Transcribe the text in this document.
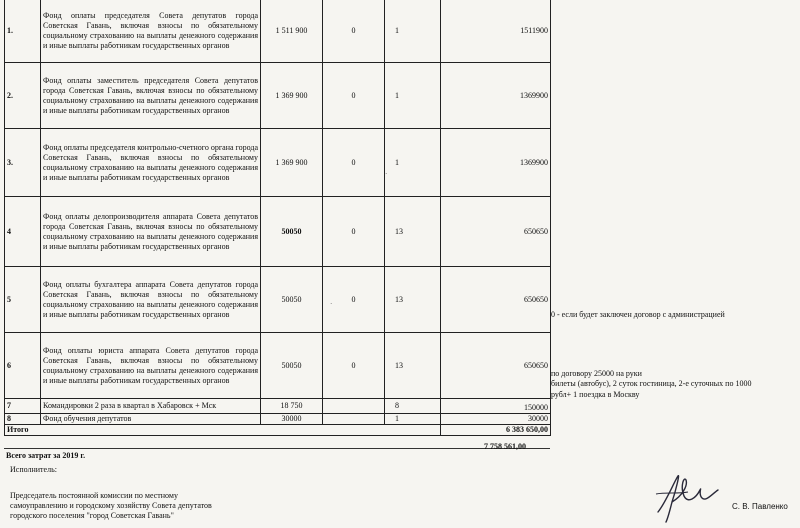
1.	Фонд оплаты председателя Совета депутатов города Советская Гавань, включая взносы по обязательному социальному страхованию на выплаты денежного содержания и иные выплаты работникам государственных органов	1 511 900	0	1	1511900
2.	Фонд оплаты заместитель председателя Совета депутатов города Советская Гавань, включая взносы по обязательному социальному страхованию на выплаты денежного содержания и иные выплаты работникам государственных органов	1 369 900	0	1	1369900
3.	Фонд оплаты председателя контрольно-счетного органа города Советская Гавань, включая взносы по обязательному социальному страхованию на выплаты денежного содержания и иные выплаты работникам государственных органов	1 369 900	0	1	1369900
4	Фонд оплаты делопроизводителя аппарата Совета депутатов города Советская Гавань, включая взносы по обязательному социальному страхованию на выплаты денежного содержания и иные выплаты работникам государственных органов	50050	0	13	650650
5	Фонд оплаты бухгалтера аппарата Совета депутатов города Советская Гавань, включая взносы по обязательному социальному страхованию на выплаты денежного содержания и иные выплаты работникам государственных органов	50050	0	13	650650
6	Фонд оплаты юриста аппарата Совета депутатов города Советская Гавань, включая взносы по обязательному социальному страхованию на выплаты денежного содержания и иные выплаты работникам государственных органов	50050	0	13	650650
7	Командировки 2 раза в квартал в Хабаровск + Мск	18 750		8	150000
8	Фонд обучения депутатов	30000		1	30000
Итого					6 383 650,00
0 - если будет заключен договор с администрацией
по договору 25000 на руки
билеты (автобус), 2 суток гостиница, 2-е суточных по 1000
рубл+ 1 поездка в Москву
7 758 561,00
Всего затрат за 2019 г.
Исполнитель:
Председатель постоянной комиссии по местному
самоуправлению и городскому хозяйству Совета депутатов
городского поселения "город Советская Гавань"
С. В. Павленко
·
·
